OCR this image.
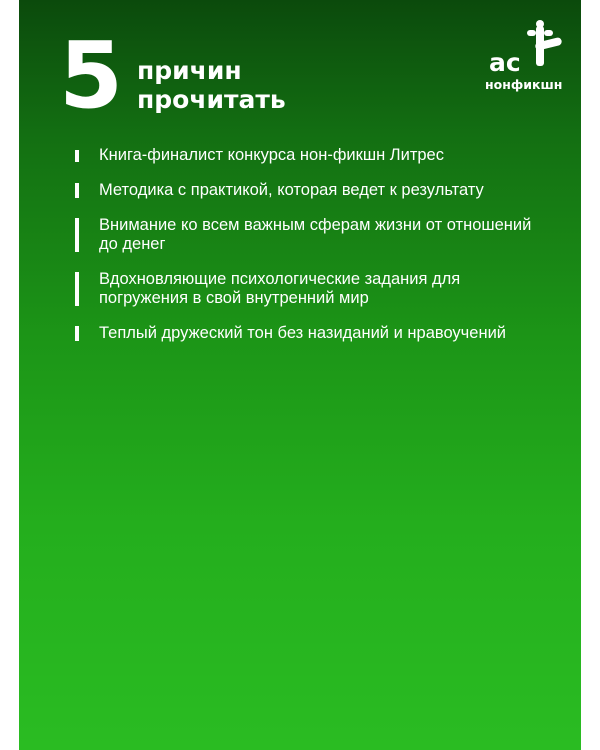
5 причин
прочитать
ac
нонфикшн
Книга-финалист конкурса нон-фикшн Литрес
Методика с практикой, которая ведет к результату
Внимание ко всем важным сферам жизни от отношений до денег
Вдохновляющие психологические задания для погружения в свой внутренний мир
Теплый дружеский тон без назиданий и нравоучений
